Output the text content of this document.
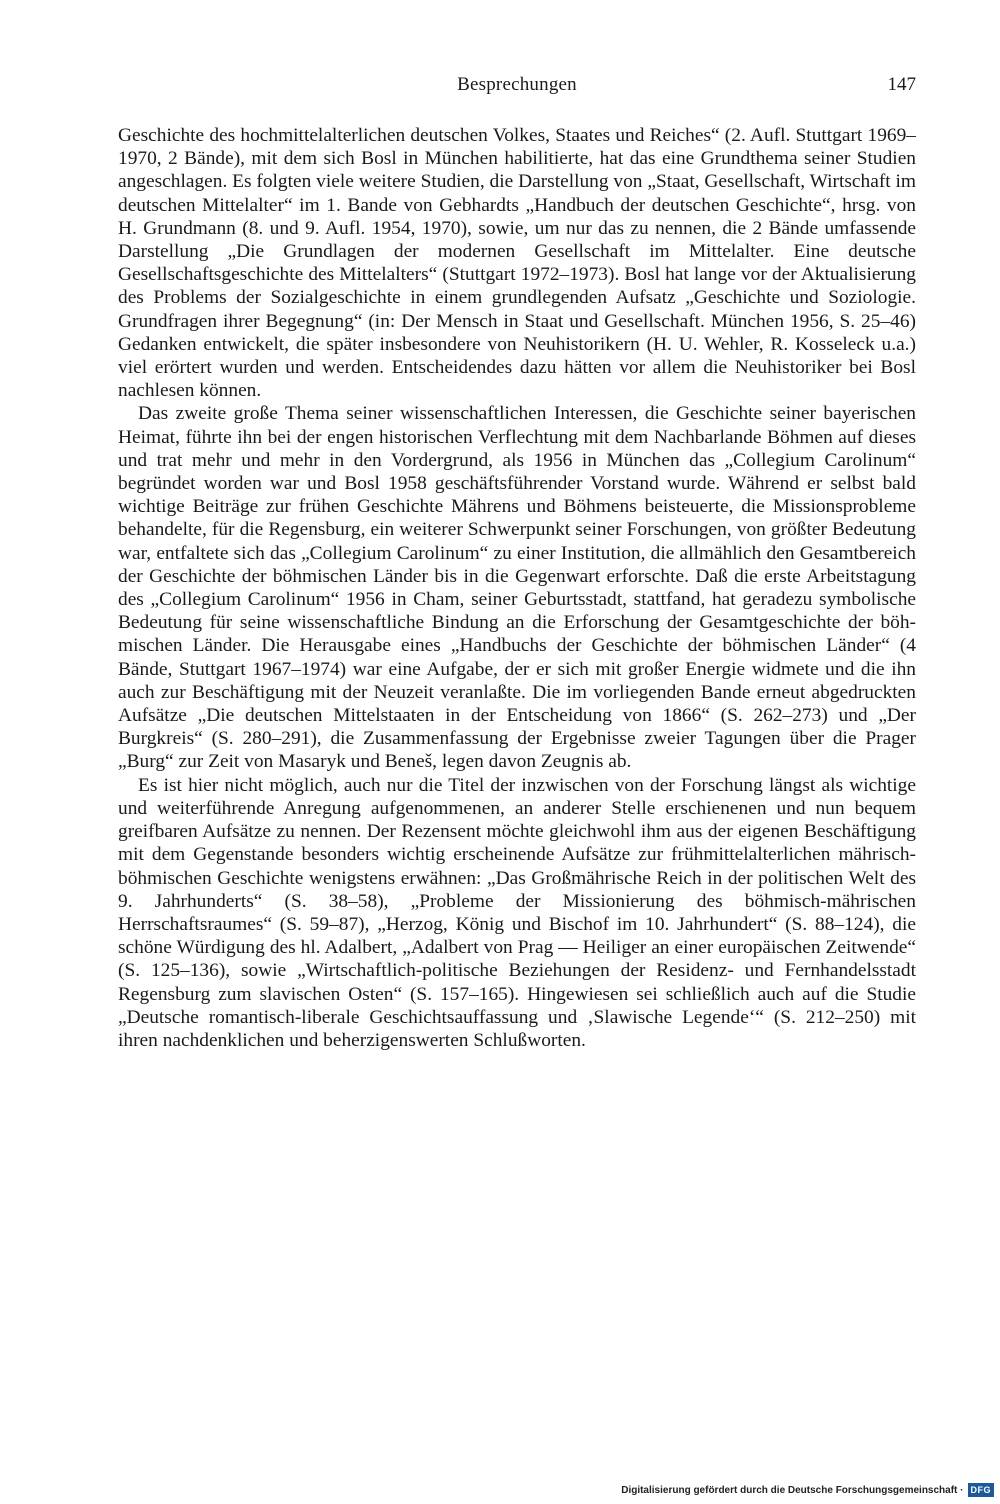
Besprechungen	147

Geschichte des hochmittelalterlichen deutschen Volkes, Staates und Reiches“ (2. Aufl. Stuttgart 1969–1970, 2 Bände), mit dem sich Bosl in München habilitierte, hat das eine Grundthema seiner Studien angeschlagen. Es folgten viele weitere Studien, die Darstellung von „Staat, Gesellschaft, Wirtschaft im deutschen Mittelalter“ im 1. Bande von Gebhardts „Handbuch der deutschen Geschichte“, hrsg. von H. Grundmann (8. und 9. Aufl. 1954, 1970), sowie, um nur das zu nennen, die 2 Bände umfassende Darstellung „Die Grundlagen der modernen Gesellschaft im Mittelalter. Eine deutsche Gesellschaftsgeschichte des Mittelalters“ (Stuttgart 1972–1973). Bosl hat lange vor der Aktualisierung des Problems der Sozialgeschichte in einem grundlegenden Aufsatz „Geschichte und Soziologie. Grundfragen ihrer Begegnung“ (in: Der Mensch in Staat und Gesellschaft. München 1956, S. 25–46) Gedanken entwickelt, die später insbesondere von Neuhistorikern (H. U. Wehler, R. Kosseleck u.a.) viel erörtert wurden und werden. Entscheidendes dazu hätten vor allem die Neuhistoriker bei Bosl nachlesen können.

Das zweite große Thema seiner wissenschaftlichen Interessen, die Geschichte seiner bayerischen Heimat, führte ihn bei der engen historischen Verflechtung mit dem Nachbarlande Böhmen auf dieses und trat mehr und mehr in den Vordergrund, als 1956 in München das „Collegium Carolinum“ begründet worden war und Bosl 1958 geschäftsführender Vorstand wurde. Während er selbst bald wichtige Beiträge zur frühen Geschichte Mährens und Böhmens beisteuerte, die Missionsprobleme behandelte, für die Regensburg, ein weiterer Schwerpunkt seiner Forschungen, von größter Bedeutung war, entfaltete sich das „Collegium Carolinum“ zu einer Institution, die allmählich den Gesamtbereich der Geschichte der böhmischen Länder bis in die Gegenwart erforschte. Daß die erste Arbeitstagung des „Collegium Carolinum“ 1956 in Cham, seiner Geburtsstadt, stattfand, hat geradezu symbolische Bedeutung für seine wissenschaftliche Bindung an die Erforschung der Gesamtgeschichte der böhmischen Länder. Die Herausgabe eines „Handbuchs der Geschichte der böhmischen Länder“ (4 Bände, Stuttgart 1967–1974) war eine Aufgabe, der er sich mit großer Energie widmete und die ihn auch zur Beschäftigung mit der Neuzeit veranlaßte. Die im vorliegenden Bande erneut abgedruckten Aufsätze „Die deutschen Mittelstaaten in der Entscheidung von 1866“ (S. 262–273) und „Der Burgkreis“ (S. 280–291), die Zusammenfassung der Ergebnisse zweier Tagungen über die Prager „Burg“ zur Zeit von Masaryk und Beneš, legen davon Zeugnis ab.

Es ist hier nicht möglich, auch nur die Titel der inzwischen von der Forschung längst als wichtige und weiterführende Anregung aufgenommenen, an anderer Stelle erschienenen und nun bequem greifbaren Aufsätze zu nennen. Der Rezensent möchte gleichwohl ihm aus der eigenen Beschäftigung mit dem Gegenstande besonders wichtig erscheinende Aufsätze zur frühmittelalterlichen mährisch-böhmischen Geschichte wenigstens erwähnen: „Das Großmährische Reich in der politischen Welt des 9. Jahrhunderts“ (S. 38–58), „Probleme der Missionierung des böhmisch-mährischen Herrschaftsraumes“ (S. 59–87), „Herzog, König und Bischof im 10. Jahrhundert“ (S. 88–124), die schöne Würdigung des hl. Adalbert, „Adalbert von Prag — Heiliger an einer europäischen Zeitwende“ (S. 125–136), sowie „Wirtschaftlich-politische Beziehungen der Residenz- und Fernhandelsstadt Regensburg zum slavischen Osten“ (S. 157–165). Hingewiesen sei schließlich auch auf die Studie „Deutsche romantisch-liberale Geschichtsauffassung und ‚Slawische Legende‘“ (S. 212–250) mit ihren nachdenklichen und beherzigenswerten Schlußworten.

Digitalisierung gefördert durch die Deutsche Forschungsgemeinschaft · DFG
